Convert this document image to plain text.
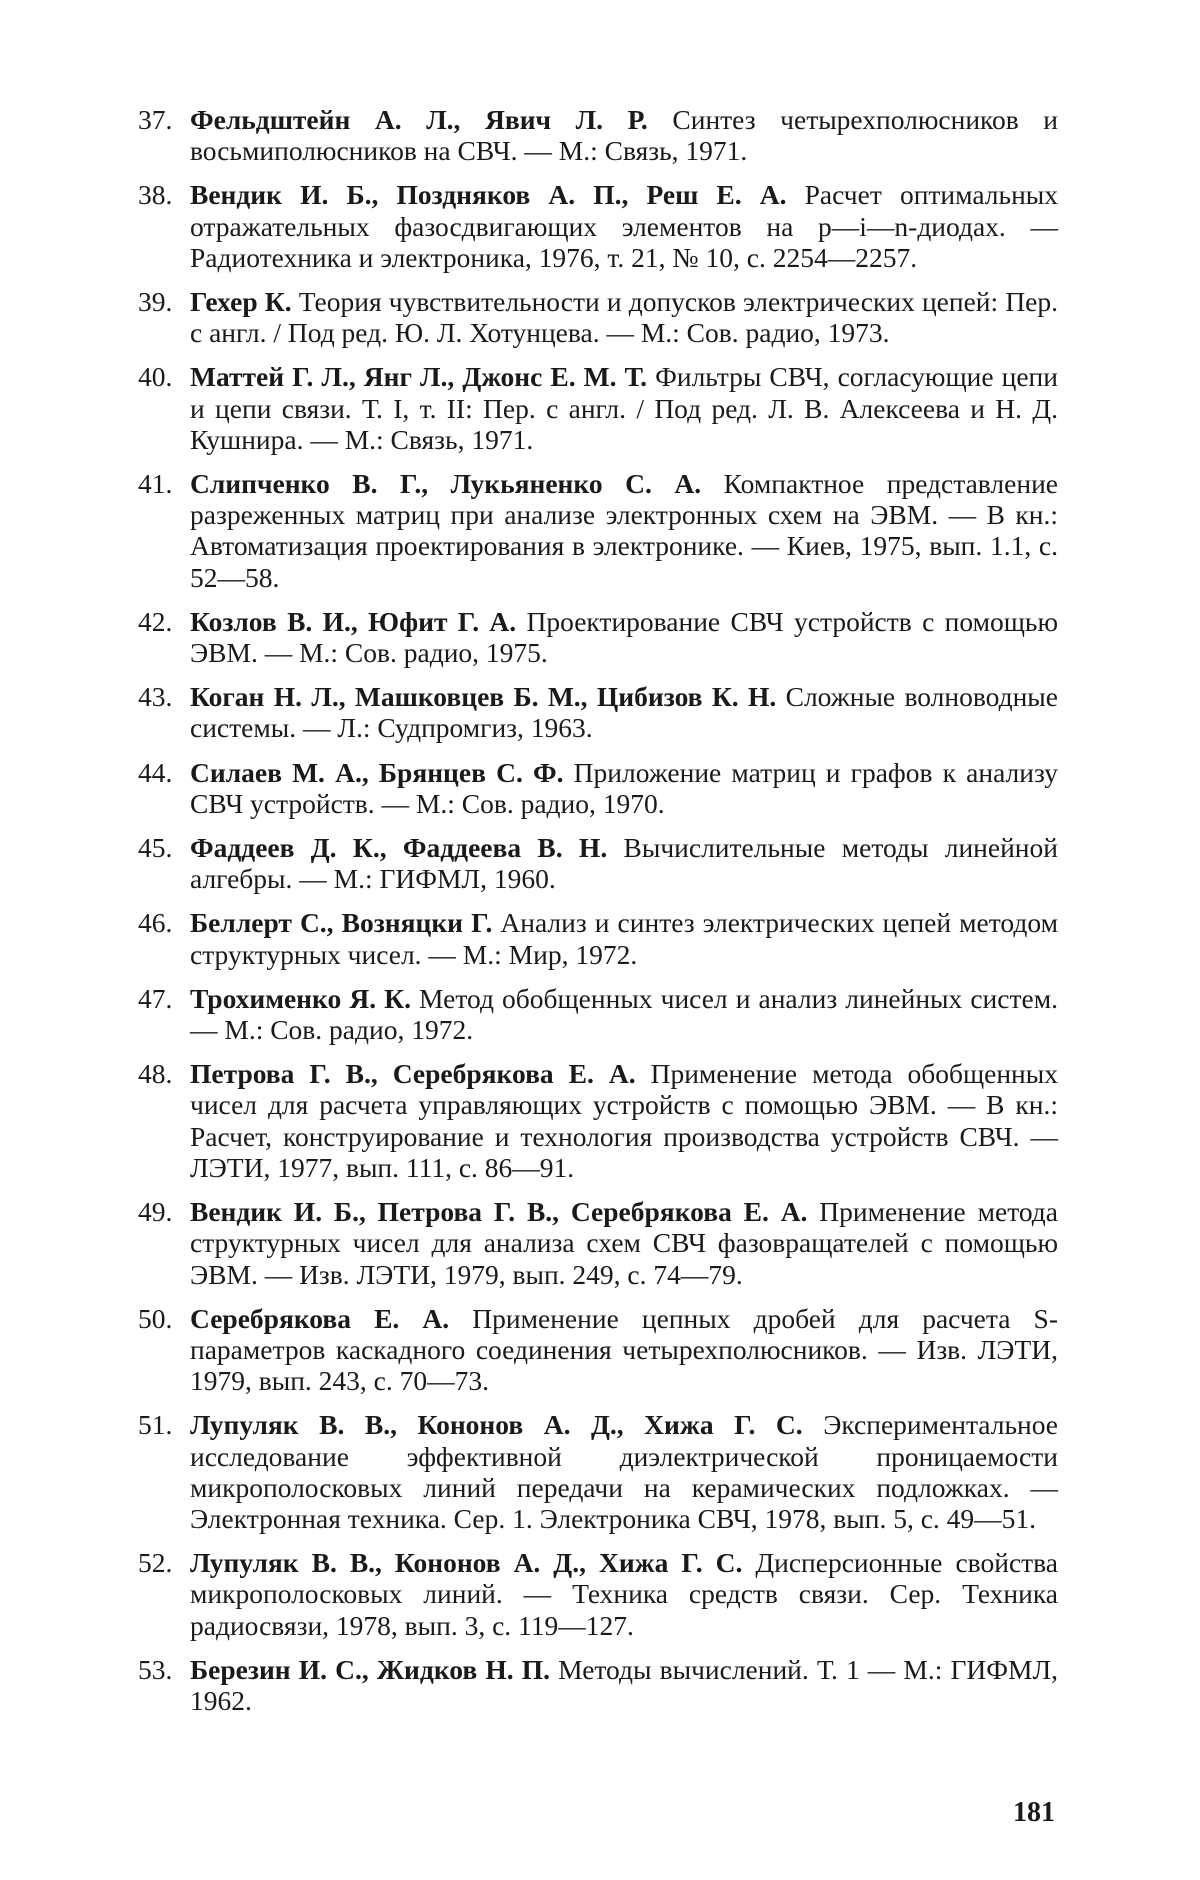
37. Фельдштейн А. Л., Явич Л. Р. Синтез четырехполюсников и восьмиполюсников на СВЧ. — М.: Связь, 1971.
38. Вендик И. Б., Поздняков А. П., Реш Е. А. Расчет оптимальных отражательных фазосдвигающих элементов на p—i—n-диодах. — Радиотехника и электроника, 1976, т. 21, № 10, с. 2254—2257.
39. Гехер К. Теория чувствительности и допусков электрических цепей: Пер. с англ. / Под ред. Ю. Л. Хотунцева. — М.: Сов. радио, 1973.
40. Маттей Г. Л., Янг Л., Джонс Е. М. Т. Фильтры СВЧ, согласующие цепи и цепи связи. Т. I, т. II: Пер. с англ. / Под ред. Л. В. Алексеева и Н. Д. Кушнира. — М.: Связь, 1971.
41. Слипченко В. Г., Лукьяненко С. А. Компактное представление разреженных матриц при анализе электронных схем на ЭВМ. — В кн.: Автоматизация проектирования в электронике. — Киев, 1975, вып. 1.1, с. 52—58.
42. Козлов В. И., Юфит Г. А. Проектирование СВЧ устройств с помощью ЭВМ. — М.: Сов. радио, 1975.
43. Коган Н. Л., Машковцев Б. М., Цибизов К. Н. Сложные волноводные системы. — Л.: Судпромгиз, 1963.
44. Силаев М. А., Брянцев С. Ф. Приложение матриц и графов к анализу СВЧ устройств. — М.: Сов. радио, 1970.
45. Фаддеев Д. К., Фаддеева В. Н. Вычислительные методы линейной алгебры. — М.: ГИФМЛ, 1960.
46. Беллерт С., Возняцки Г. Анализ и синтез электрических цепей методом структурных чисел. — М.: Мир, 1972.
47. Трохименко Я. К. Метод обобщенных чисел и анализ линейных систем. — М.: Сов. радио, 1972.
48. Петрова Г. В., Серебрякова Е. А. Применение метода обобщенных чисел для расчета управляющих устройств с помощью ЭВМ. — В кн.: Расчет, конструирование и технология производства устройств СВЧ. — ЛЭТИ, 1977, вып. 111, с. 86—91.
49. Вендик И. Б., Петрова Г. В., Серебрякова Е. А. Применение метода структурных чисел для анализа схем СВЧ фазовращателей с помощью ЭВМ. — Изв. ЛЭТИ, 1979, вып. 249, с. 74—79.
50. Серебрякова Е. А. Применение цепных дробей для расчета S-параметров каскадного соединения четырехполюсников. — Изв. ЛЭТИ, 1979, вып. 243, с. 70—73.
51. Лупуляк В. В., Кононов А. Д., Хижа Г. С. Экспериментальное исследование эффективной диэлектрической проницаемости микрополосковых линий передачи на керамических подложках. — Электронная техника. Сер. 1. Электроника СВЧ, 1978, вып. 5, с. 49—51.
52. Лупуляк В. В., Кононов А. Д., Хижа Г. С. Дисперсионные свойства микрополосковых линий. — Техника средств связи. Сер. Техника радиосвязи, 1978, вып. 3, с. 119—127.
53. Березин И. С., Жидков Н. П. Методы вычислений. Т. 1 — М.: ГИФМЛ, 1962.
181
